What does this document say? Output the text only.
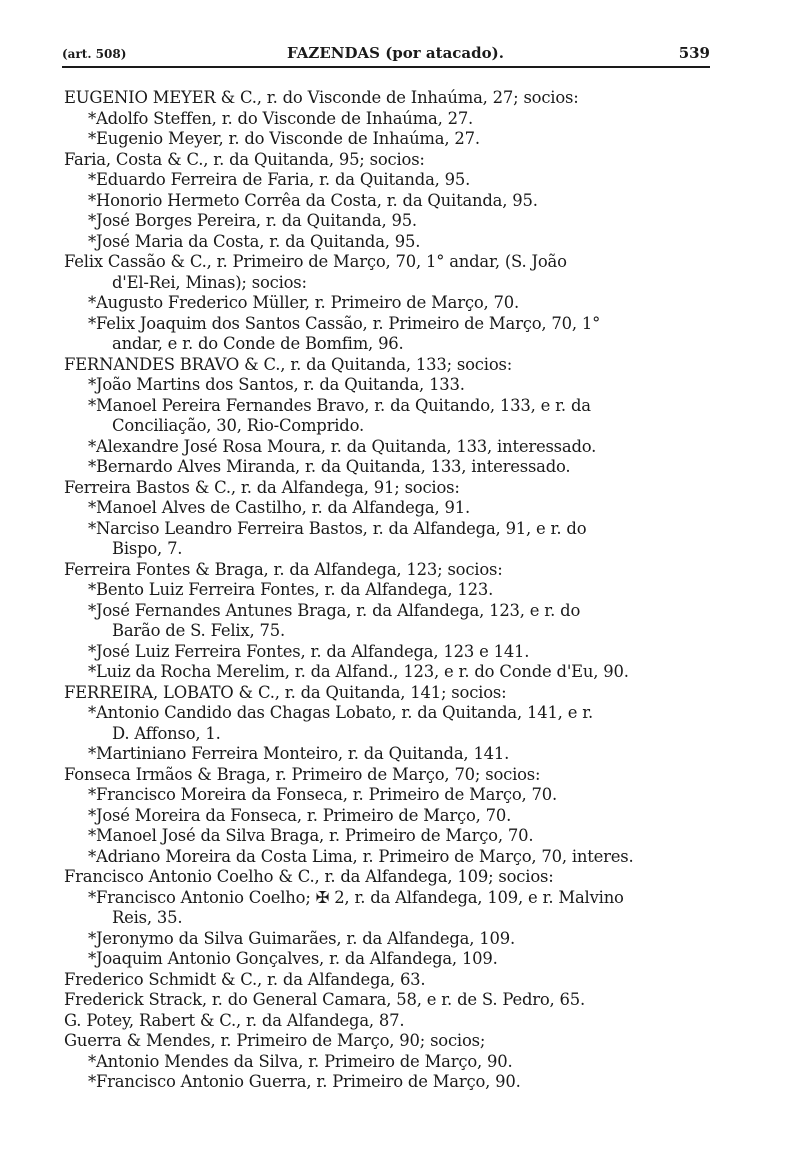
(art. 508)	FAZENDAS (por atacado).	539
EUGENIO MEYER & C., r. do Visconde de Inhaúma, 27; socios:
*Adolfo Steffen, r. do Visconde de Inhaúma, 27.
*Eugenio Meyer, r. do Visconde de Inhaúma, 27.
Faria, Costa & C., r. da Quitanda, 95; socios:
*Eduardo Ferreira de Faria, r. da Quitanda, 95.
*Honorio Hermeto Corrêa da Costa, r. da Quitanda, 95.
*José Borges Pereira, r. da Quitanda, 95.
*José Maria da Costa, r. da Quitanda, 95.
Felix Cassão & C., r. Primeiro de Março, 70, 1° andar, (S. João
d'El-Rei, Minas); socios:
*Augusto Frederico Müller, r. Primeiro de Março, 70.
*Felix Joaquim dos Santos Cassão, r. Primeiro de Março, 70, 1°
andar, e r. do Conde de Bomfim, 96.
FERNANDES BRAVO & C., r. da Quitanda, 133; socios:
*João Martins dos Santos, r. da Quitanda, 133.
*Manoel Pereira Fernandes Bravo, r. da Quitando, 133, e r. da
Conciliação, 30, Rio-Comprido.
*Alexandre José Rosa Moura, r. da Quitanda, 133, interessado.
*Bernardo Alves Miranda, r. da Quitanda, 133, interessado.
Ferreira Bastos & C., r. da Alfandega, 91; socios:
*Manoel Alves de Castilho, r. da Alfandega, 91.
*Narciso Leandro Ferreira Bastos, r. da Alfandega, 91, e r. do
Bispo, 7.
Ferreira Fontes & Braga, r. da Alfandega, 123; socios:
*Bento Luiz Ferreira Fontes, r. da Alfandega, 123.
*José Fernandes Antunes Braga, r. da Alfandega, 123, e r. do
Barão de S. Felix, 75.
*José Luiz Ferreira Fontes, r. da Alfandega, 123 e 141.
*Luiz da Rocha Merelim, r. da Alfand., 123, e r. do Conde d'Eu, 90.
FERREIRA, LOBATO & C., r. da Quitanda, 141; socios:
*Antonio Candido das Chagas Lobato, r. da Quitanda, 141, e r.
D. Affonso, 1.
*Martiniano Ferreira Monteiro, r. da Quitanda, 141.
Fonseca Irmãos & Braga, r. Primeiro de Março, 70; socios:
*Francisco Moreira da Fonseca, r. Primeiro de Março, 70.
*José Moreira da Fonseca, r. Primeiro de Março, 70.
*Manoel José da Silva Braga, r. Primeiro de Março, 70.
*Adriano Moreira da Costa Lima, r. Primeiro de Março, 70, interes.
Francisco Antonio Coelho & C., r. da Alfandega, 109; socios:
*Francisco Antonio Coelho; ✠ 2, r. da Alfandega, 109, e r. Malvino
Reis, 35.
*Jeronymo da Silva Guimarães, r. da Alfandega, 109.
*Joaquim Antonio Gonçalves, r. da Alfandega, 109.
Frederico Schmidt & C., r. da Alfandega, 63.
Frederick Strack, r. do General Camara, 58, e r. de S. Pedro, 65.
G. Potey, Rabert & C., r. da Alfandega, 87.
Guerra & Mendes, r. Primeiro de Março, 90; socios;
*Antonio Mendes da Silva, r. Primeiro de Março, 90.
*Francisco Antonio Guerra, r. Primeiro de Março, 90.
